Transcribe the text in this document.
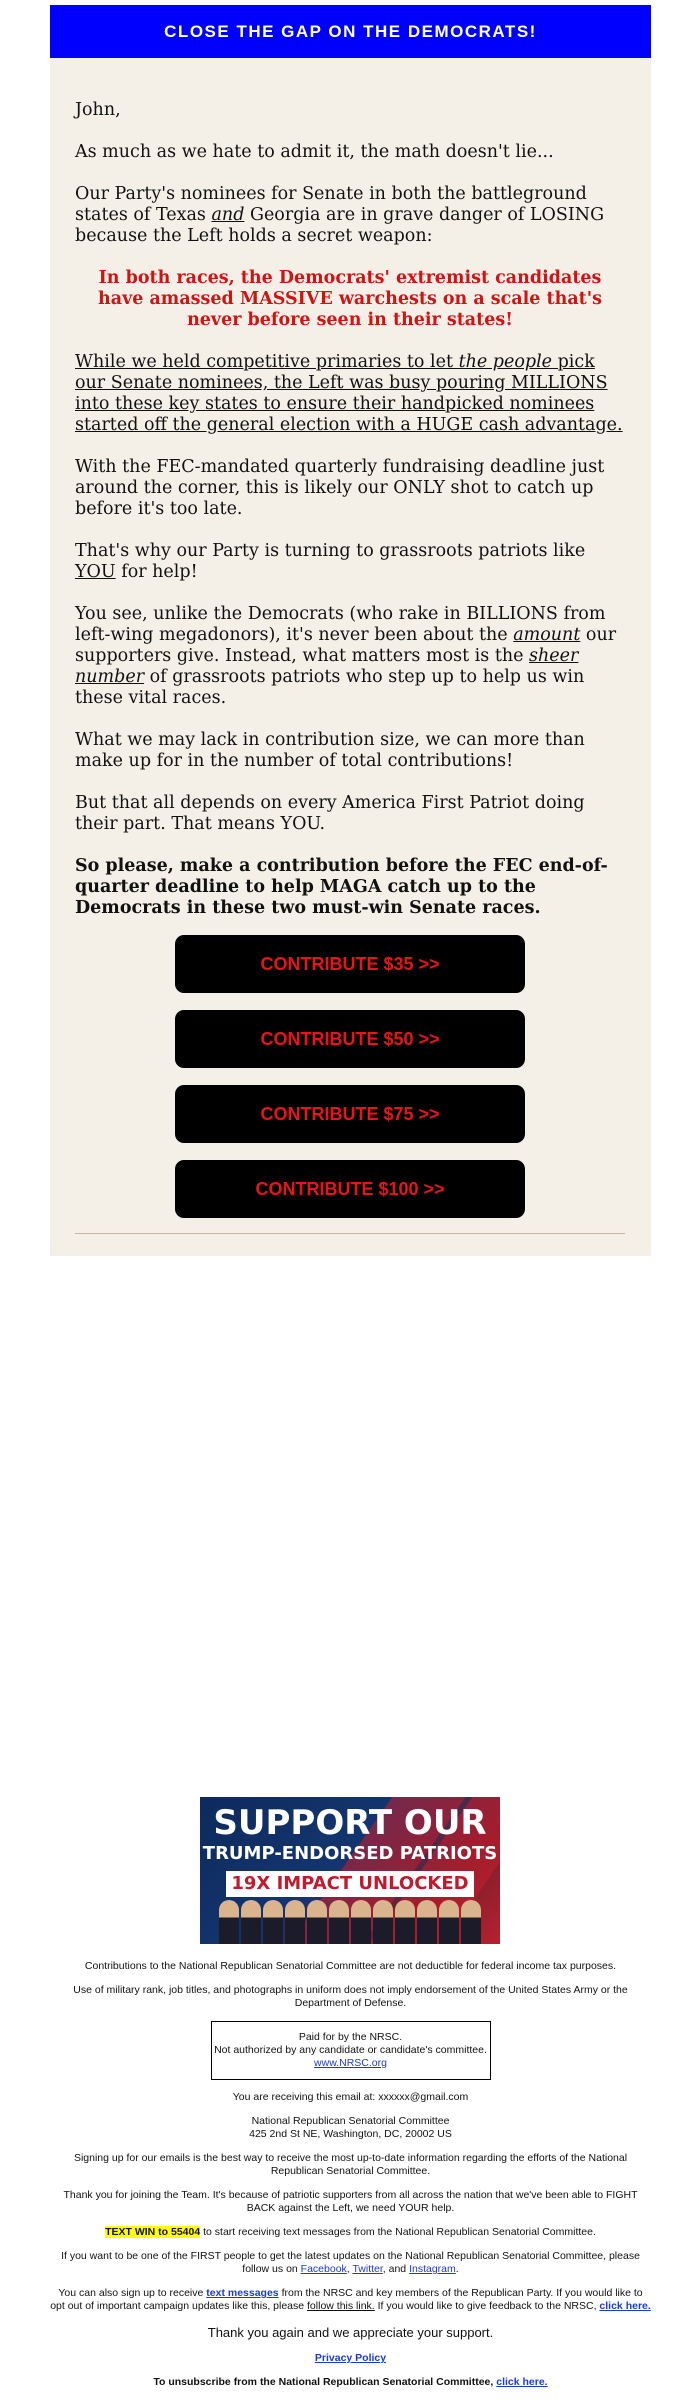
CLOSE THE GAP ON THE DEMOCRATS!

John,

As much as we hate to admit it, the math doesn't lie...

Our Party's nominees for Senate in both the battleground states of Texas and Georgia are in grave danger of LOSING because the Left holds a secret weapon:

In both races, the Democrats' extremist candidates have amassed MASSIVE warchests on a scale that's never before seen in their states!

While we held competitive primaries to let the people pick our Senate nominees, the Left was busy pouring MILLIONS into these key states to ensure their handpicked nominees started off the general election with a HUGE cash advantage.

With the FEC-mandated quarterly fundraising deadline just around the corner, this is likely our ONLY shot to catch up before it's too late.

That's why our Party is turning to grassroots patriots like YOU for help!

You see, unlike the Democrats (who rake in BILLIONS from left-wing megadonors), it's never been about the amount our supporters give. Instead, what matters most is the sheer number of grassroots patriots who step up to help us win these vital races.

What we may lack in contribution size, we can more than make up for in the number of total contributions!

But that all depends on every America First Patriot doing their part. That means YOU.

So please, make a contribution before the FEC end-of-quarter deadline to help MAGA catch up to the Democrats in these two must-win Senate races.

CONTRIBUTE $35 >>
CONTRIBUTE $50 >>
CONTRIBUTE $75 >>
CONTRIBUTE $100 >>
SUPPORT OUR
TRUMP-ENDORSED PATRIOTS
19X IMPACT UNLOCKED

Contributions to the National Republican Senatorial Committee are not deductible for federal income tax purposes.

Use of military rank, job titles, and photographs in uniform does not imply endorsement of the United States Army or the Department of Defense.

Paid for by the NRSC.
Not authorized by any candidate or candidate's committee.
www.NRSC.org

You are receiving this email at: xxxxxx@gmail.com

National Republican Senatorial Committee
425 2nd St NE, Washington, DC, 20002 US

Signing up for our emails is the best way to receive the most up-to-date information regarding the efforts of the National Republican Senatorial Committee.

Thank you for joining the Team. It's because of patriotic supporters from all across the nation that we've been able to FIGHT BACK against the Left, we need YOUR help.

TEXT WIN to 55404 to start receiving text messages from the National Republican Senatorial Committee.

If you want to be one of the FIRST people to get the latest updates on the National Republican Senatorial Committee, please follow us on Facebook, Twitter, and Instagram.

You can also sign up to receive text messages from the NRSC and key members of the Republican Party. If you would like to opt out of important campaign updates like this, please follow this link. If you would like to give feedback to the NRSC, click here.

Thank you again and we appreciate your support.

Privacy Policy

To unsubscribe from the National Republican Senatorial Committee, click here.
